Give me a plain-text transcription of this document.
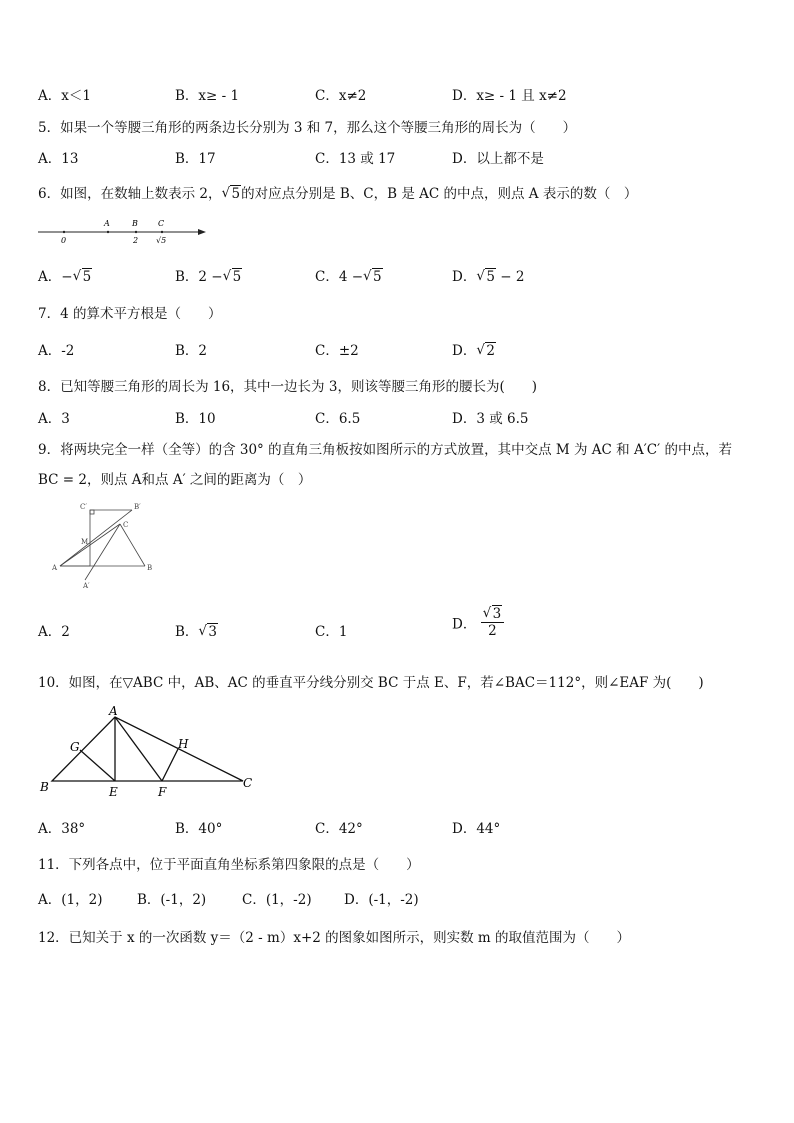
A．x＜1	B．x≥ - 1	C．x≠2	D．x≥ - 1 且 x≠2
5．如果一个等腰三角形的两条边长分别为 3 和 7，那么这个等腰三角形的周长为（　　）
A．13	B．17	C．13 或 17	D．以上都不是
6．如图，在数轴上数表示 2， √ 5的对应点分别是 B、C，B 是 AC 的中点，则点 A 表示的数（　）
A	B	C
0	2 √5
A．− √ 5	B．2 − √ 5	C．4 − √ 5	D． √ 5 − 2
7．4 的算术平方根是（　　）
A．-2	B．2	C．±2	D． √ 2
8．已知等腰三角形的周长为 16，其中一边长为 3，则该等腰三角形的腰长为(　　)
A．3	B．10	C．6.5	D．3 或 6.5
9．将两块完全一样（全等）的含 30° 的直角三角板按如图所示的方式放置，其中交点 M 为 AC 和 A′C′ 的中点，若
BC = 2，则点 A和点 A′ 之间的距离为（　）
C′	B′
C
M
A
A′
B
A．2	B． √ 3	C．1	D． √ $\frac{3}{2}$
10．如图，在▽ABC 中，AB、AC 的垂直平分线分别交 BC 于点 E、F，若∠BAC＝112°，则∠EAF 为(　　)
A
G	H
B	E	F
C
A．38°	B．40°	C．42°	D．44°
11．下列各点中，位于平面直角坐标系第四象限的点是（　　）
A．(1，2)	B．(-1，2)	C．(1，-2) D．(-1，-2)
12．已知关于 x 的一次函数 y＝（2 - m）x+2 的图象如图所示，则实数 m 的取值范围为（　　）
